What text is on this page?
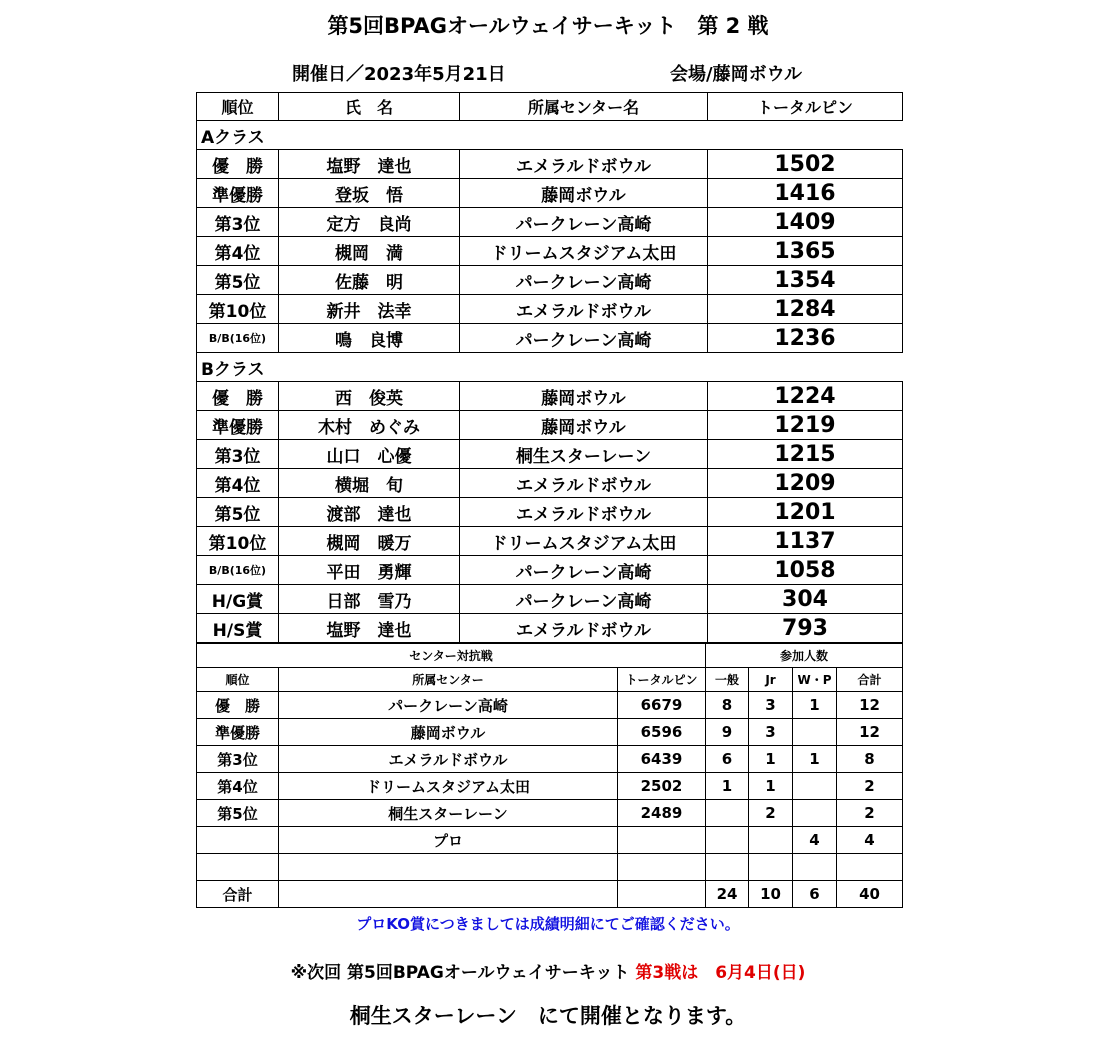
第5回BPAGオールウェイサーキット　第 2 戦
開催日／2023年5月21日	会場/藤岡ボウル
順位	氏　名	所属センター名	トータルピン
Aクラス			
優　勝	塩野　達也	エメラルドボウル	1502
準優勝	登坂　悟	藤岡ボウル	1416
第3位	定方　良尚	パークレーン高崎	1409
第4位	槻岡　満	ドリームスタジアム太田	1365
第5位	佐藤　明	パークレーン高崎	1354
第10位	新井　法幸	エメラルドボウル	1284
B/B(16位)	鳴　良博	パークレーン高崎	1236
Bクラス			
優　勝	西　俊英	藤岡ボウル	1224
準優勝	木村　めぐみ	藤岡ボウル	1219
第3位	山口　心優	桐生スターレーン	1215
第4位	横堀　旬	エメラルドボウル	1209
第5位	渡部　達也	エメラルドボウル	1201
第10位	槻岡　暖万	ドリームスタジアム太田	1137
B/B(16位)	平田　勇輝	パークレーン高崎	1058
H/G賞	日部　雪乃	パークレーン高崎	304
H/S賞	塩野　達也	エメラルドボウル	793
センター対抗戦			参加人数			
順位	所属センター	トータルピン	一般	Jr	W・P	合計
優　勝	パークレーン高崎	6679	8	3	1	12
準優勝	藤岡ボウル	6596	9	3		12
第3位	エメラルドボウル	6439	6	1	1	8
第4位	ドリームスタジアム太田	2502	1	1		2
第5位	桐生スターレーン	2489		2		2
	プロ				4	4

合計			24	10	6	40
プロKO賞につきましては成績明細にてご確認ください。
※次回 第5回BPAGオールウェイサーキット 第3戦は　6月4日(日)
桐生スターレーン　にて開催となります。
